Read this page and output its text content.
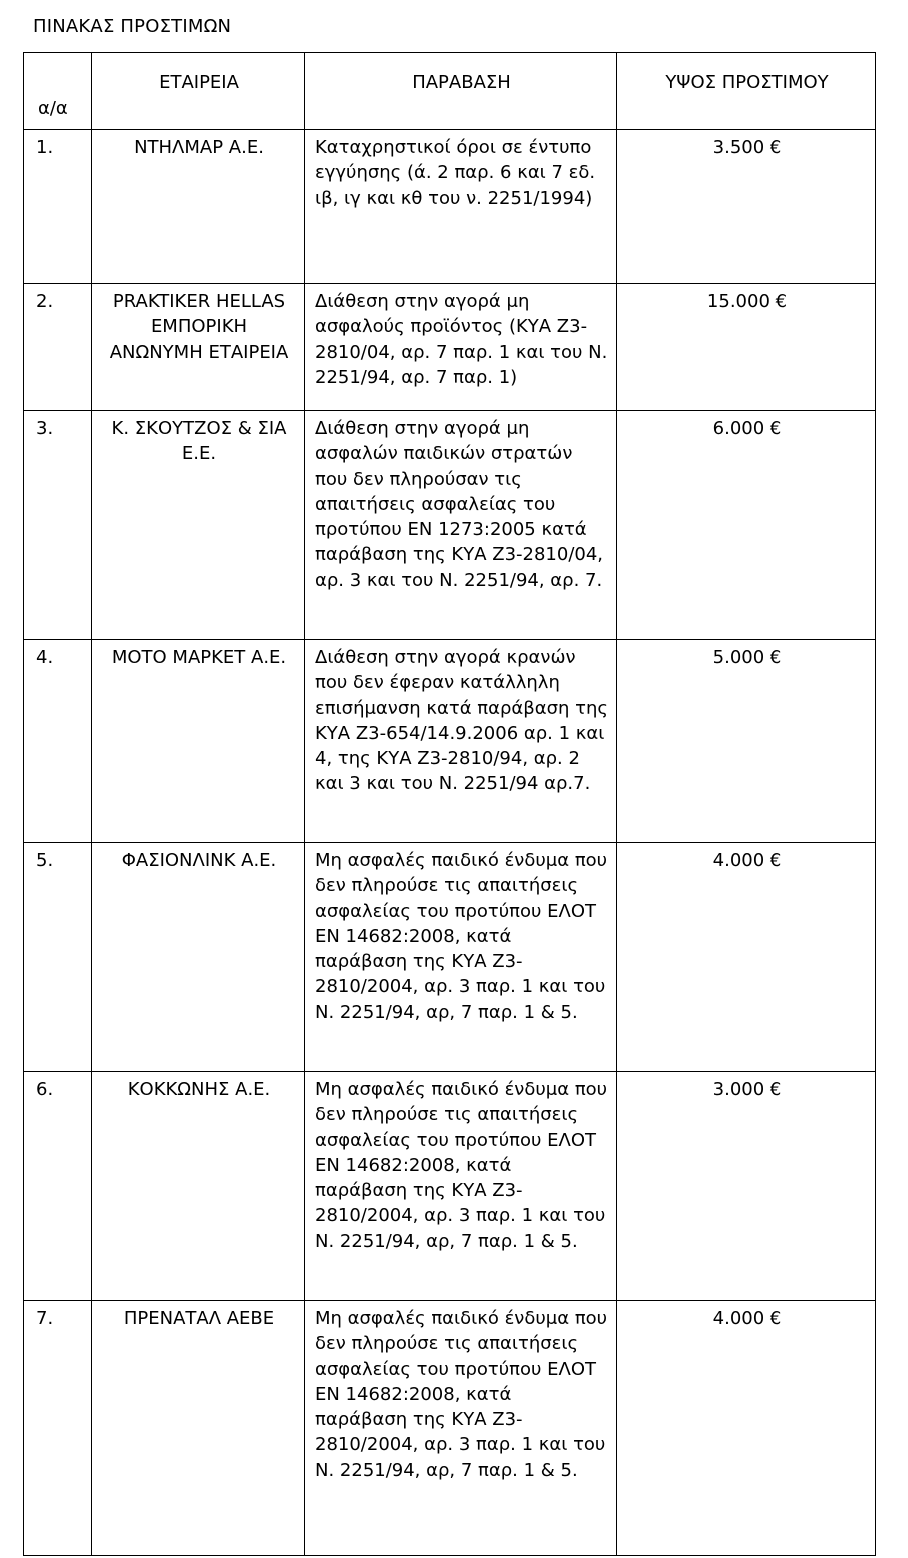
ΠΙΝΑΚΑΣ ΠΡΟΣΤΙΜΩΝ
α/α	ΕΤΑΙΡΕΙΑ	ΠΑΡΑΒΑΣΗ	ΥΨΟΣ ΠΡΟΣΤΙΜΟΥ
1.	ΝΤΗΛΜΑΡ Α.Ε.	Καταχρηστικοί όροι σε έντυπο εγγύησης (ά. 2 παρ. 6 και 7 εδ. ιβ, ιγ και κθ του ν. 2251/1994)	3.500 €
2.	PRAKTIKER HELLAS ΕΜΠΟΡΙΚΗ ΑΝΩΝΥΜΗ ΕΤΑΙΡΕΙΑ	Διάθεση στην αγορά μη ασφαλούς προϊόντος (ΚΥΑ Ζ3-2810/04, αρ. 7 παρ. 1 και του Ν. 2251/94, αρ. 7 παρ. 1)	15.000 €
3.	Κ. ΣΚΟΥΤΖΟΣ & ΣΙΑ Ε.Ε.	Διάθεση στην αγορά μη ασφαλών παιδικών στρατών που δεν πληρούσαν τις απαιτήσεις ασφαλείας του προτύπου ΕΝ 1273:2005 κατά παράβαση της ΚΥΑ Ζ3-2810/04, αρ. 3 και του Ν. 2251/94, αρ. 7.	6.000 €
4.	ΜΟΤΟ ΜΑΡΚΕΤ Α.Ε.	Διάθεση στην αγορά κρανών που δεν έφεραν κατάλληλη επισήμανση κατά παράβαση της ΚΥΑ Ζ3-654/14.9.2006 αρ. 1 και 4, της ΚΥΑ Ζ3-2810/94, αρ. 2 και 3 και του Ν. 2251/94 αρ.7.	5.000 €
5.	ΦΑΣΙΟΝΛΙΝΚ Α.Ε.	Μη ασφαλές παιδικό ένδυμα που δεν πληρούσε τις απαιτήσεις ασφαλείας του προτύπου ΕΛΟΤ ΕΝ 14682:2008, κατά παράβαση της ΚΥΑ Ζ3-2810/2004, αρ. 3 παρ. 1 και του Ν. 2251/94, αρ, 7 παρ. 1 & 5.	4.000 €
6.	ΚΟΚΚΩΝΗΣ Α.Ε.	Μη ασφαλές παιδικό ένδυμα που δεν πληρούσε τις απαιτήσεις ασφαλείας του προτύπου ΕΛΟΤ ΕΝ 14682:2008, κατά παράβαση της ΚΥΑ Ζ3-2810/2004, αρ. 3 παρ. 1 και του Ν. 2251/94, αρ, 7 παρ. 1 & 5.	3.000 €
7.	ΠΡΕΝΑΤΑΛ ΑΕΒΕ	Μη ασφαλές παιδικό ένδυμα που δεν πληρούσε τις απαιτήσεις ασφαλείας του προτύπου ΕΛΟΤ ΕΝ 14682:2008, κατά παράβαση της ΚΥΑ Ζ3-2810/2004, αρ. 3 παρ. 1 και του Ν. 2251/94, αρ, 7 παρ. 1 & 5.	4.000 €
